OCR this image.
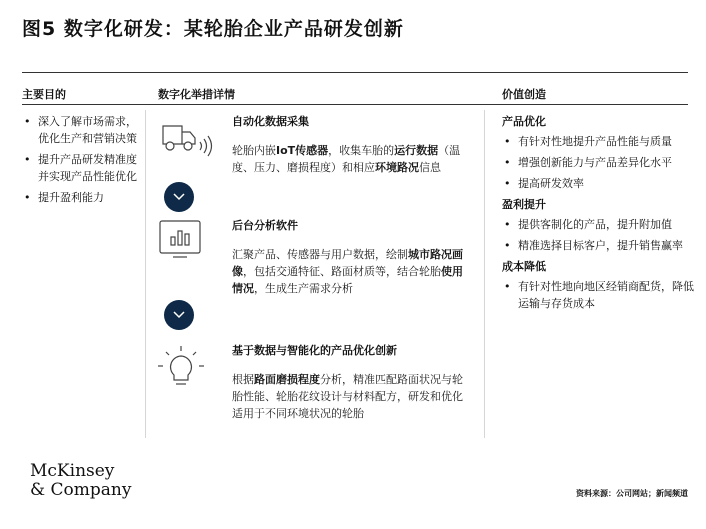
图5 数字化研发：某轮胎企业产品研发创新
主要目的	数字化举措详情	价值创造
• 深入了解市场需求，优化生产和营销决策
• 提升产品研发精准度并实现产品性能优化
• 提升盈利能力
自动化数据采集
轮胎内嵌IoT传感器，收集车胎的运行数据（温度、压力、磨损程度）和相应环境路况信息
后台分析软件
汇聚产品、传感器与用户数据，绘制城市路况画像，包括交通特征、路面材质等，结合轮胎使用情况，生成生产需求分析
基于数据与智能化的产品优化创新
根据路面磨损程度分析，精准匹配路面状况与轮胎性能、轮胎花纹设计与材料配方，研发和优化适用于不同环境状况的轮胎
产品优化
• 有针对性地提升产品性能与质量
• 增强创新能力与产品差异化水平
• 提高研发效率
盈利提升
• 提供客制化的产品，提升附加值
• 精准选择目标客户，提升销售赢率
成本降低
• 有针对性地向地区经销商配货，降低运输与存货成本
McKinsey
& Company	资料来源：公司网站；新闻频道
